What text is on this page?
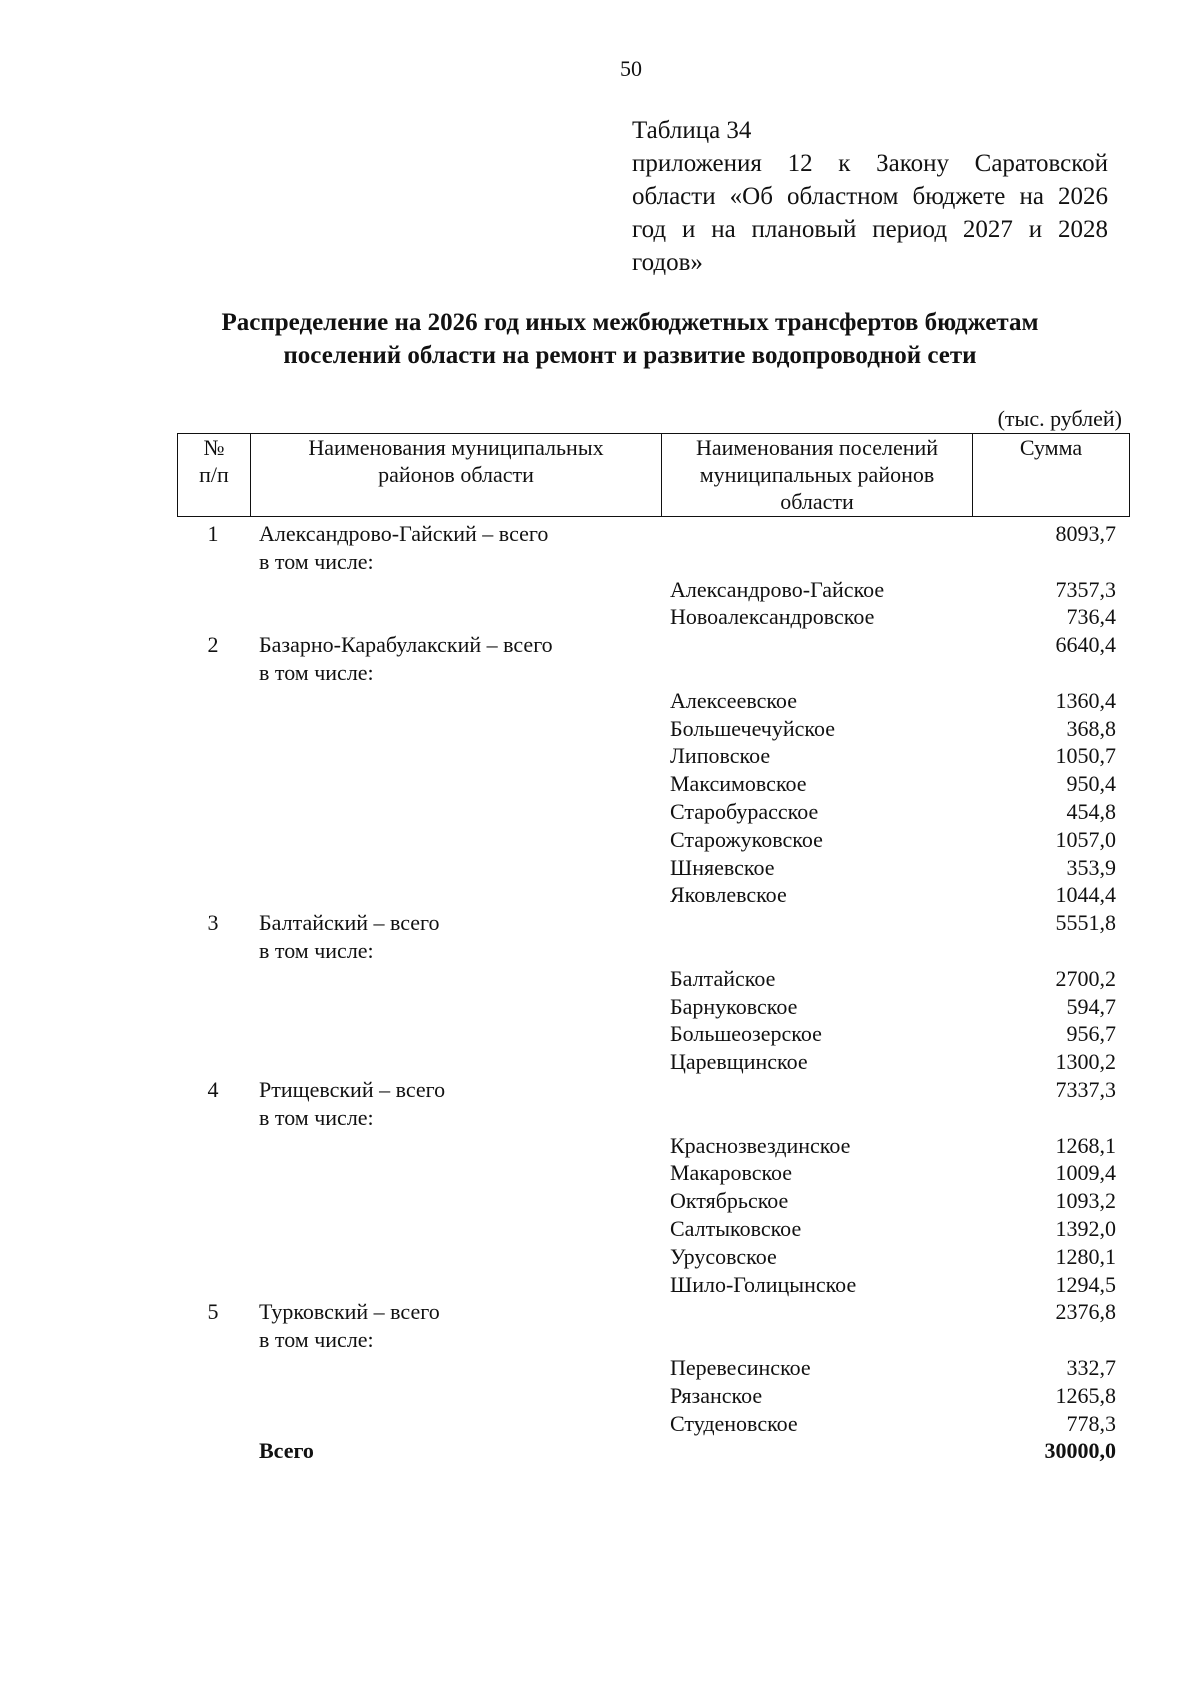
50
Таблица 34
приложения 12 к Закону Саратовской области «Об областном бюджете на 2026 год и на плановый период 2027 и 2028 годов»
Распределение на 2026 год иных межбюджетных трансфертов бюджетам
поселений области на ремонт и развитие водопроводной сети
(тыс. рублей)
№
п/п

Наименования муниципальных
районов области

Наименования поселений
муниципальных районов
области

Сумма
1	Александрово-Гайский – всего	8093,7
в том числе:
Александрово-Гайское	7357,3
Новоалександровское	736,4
2	Базарно-Карабулакский – всего	6640,4
в том числе:
Алексеевское	1360,4
Большечечуйское	368,8
Липовское	1050,7
Максимовское	950,4
Старобурасское	454,8
Старожуковское	1057,0
Шняевское	353,9
Яковлевское	1044,4
3	Балтайский – всего	5551,8
в том числе:
Балтайское	2700,2
Барнуковское	594,7
Большеозерское	956,7
Царевщинское	1300,2
4	Ртищевский – всего	7337,3
в том числе:
Краснозвездинское	1268,1
Макаровское	1009,4
Октябрьское	1093,2
Салтыковское	1392,0
Урусовское	1280,1
Шило-Голицынское	1294,5
5	Турковский – всего	2376,8
в том числе:
Перевесинское	332,7
Рязанское	1265,8
Студеновское	778,3
Всего	30000,0
